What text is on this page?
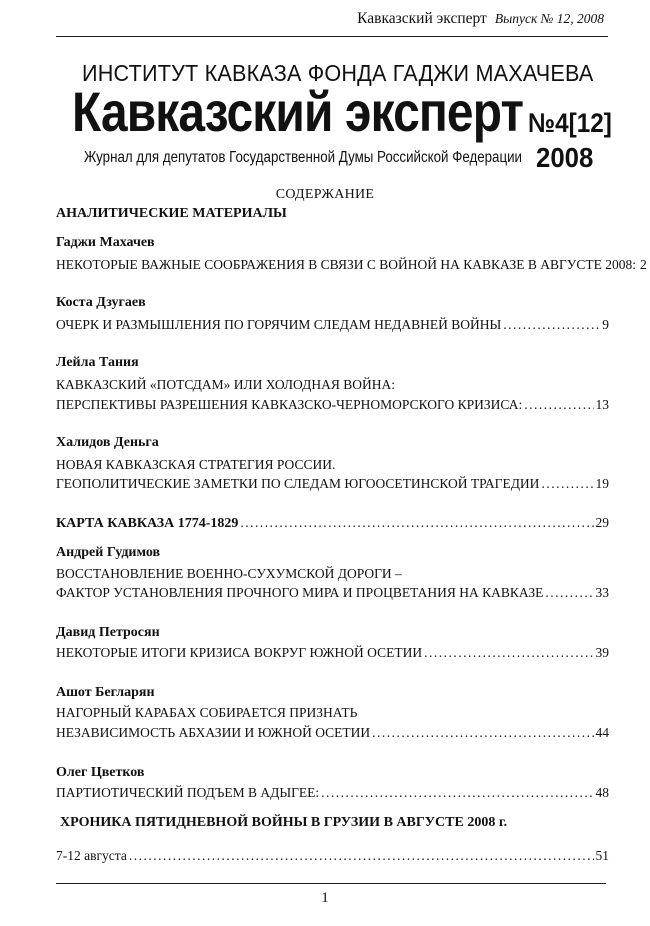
Кавказский эксперт Выпуск № 12, 2008
ИНСТИТУТ КАВКАЗА ФОНДА ГАДЖИ МАХАЧЕВА
Кавказский эксперт №4[12]
Журнал для депутатов Государственной Думы Российской Федерации 2008
СОДЕРЖАНИЕ
АНАЛИТИЧЕСКИЕ МАТЕРИАЛЫ
Гаджи Махачев
НЕКОТОРЫЕ ВАЖНЫЕ СООБРАЖЕНИЯ В СВЯЗИ С ВОЙНОЙ НА КАВКАЗЕ В АВГУСТЕ 2008: 2
Коста Дзугаев
ОЧЕРК И РАЗМЫШЛЕНИЯ ПО ГОРЯЧИМ СЛЕДАМ НЕДАВНЕЙ ВОЙНЫ .....	9
Лейла Тания
КАВКАЗСКИЙ «ПОТСДАМ» ИЛИ ХОЛОДНАЯ ВОЙНА:
ПЕРСПЕКТИВЫ РАЗРЕШЕНИЯ КАВКАЗСКО-ЧЕРНОМОРСКОГО КРИЗИСА: .....	13
Халидов Деньга
НОВАЯ КАВКАЗСКАЯ СТРАТЕГИЯ РОССИИ.
ГЕОПОЛИТИЧЕСКИЕ ЗАМЕТКИ ПО СЛЕДАМ ЮГООСЕТИНСКОЙ ТРАГЕДИИ .....	19
КАРТА КАВКАЗА 1774-1829 .....	29
Андрей Гудимов
ВОССТАНОВЛЕНИЕ ВОЕННО-СУХУМСКОЙ ДОРОГИ –
ФАКТОР УСТАНОВЛЕНИЯ ПРОЧНОГО МИРА И ПРОЦВЕТАНИЯ НА КАВКАЗЕ .....	33
Давид Петросян
НЕКОТОРЫЕ ИТОГИ КРИЗИСА ВОКРУГ ЮЖНОЙ ОСЕТИИ .....	39
Ашот Бегларян
НАГОРНЫЙ КАРАБАХ СОБИРАЕТСЯ ПРИЗНАТЬ
НЕЗАВИСИМОСТЬ АБХАЗИИ И ЮЖНОЙ ОСЕТИИ .....	44
Олег Цветков
ПАРТИОТИЧЕСКИЙ ПОДЪЕМ В АДЫГЕЕ: .....	48
ХРОНИКА ПЯТИДНЕВНОЙ ВОЙНЫ В ГРУЗИИ В АВГУСТЕ 2008 г.
7-12 августа .....	51
1
